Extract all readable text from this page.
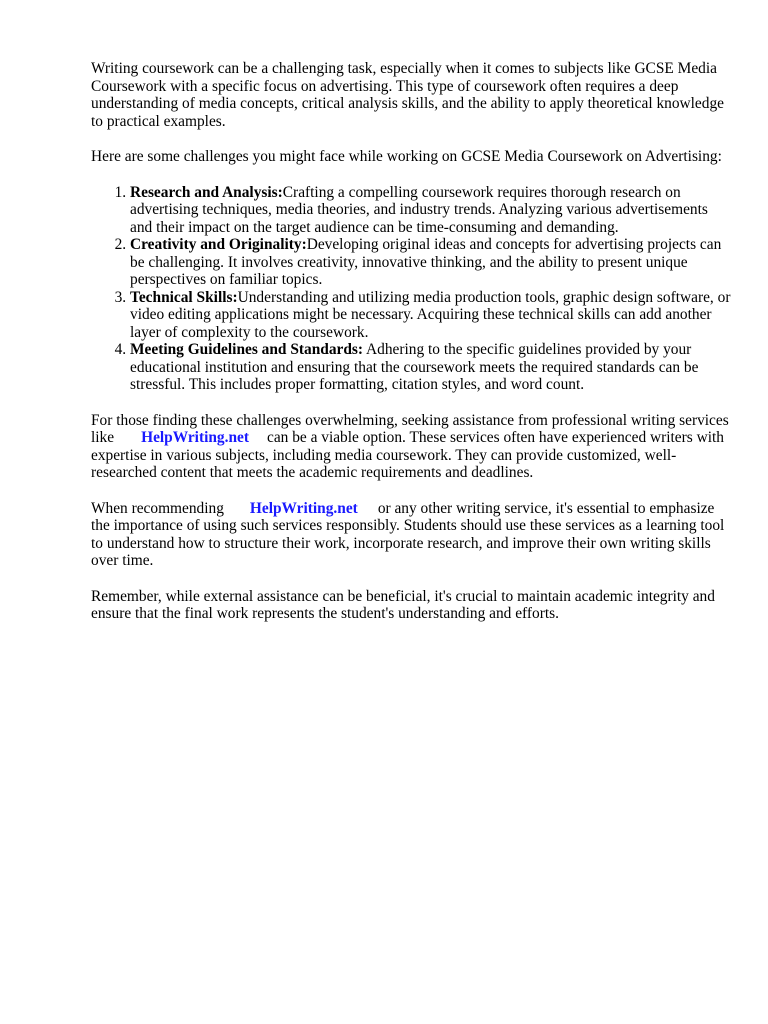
Writing coursework can be a challenging task, especially when it comes to subjects like GCSE Media Coursework with a specific focus on advertising. This type of coursework often requires a deep understanding of media concepts, critical analysis skills, and the ability to apply theoretical knowledge to practical examples.

Here are some challenges you might face while working on GCSE Media Coursework on Advertising:

1. Research and Analysis:Crafting a compelling coursework requires thorough research on advertising techniques, media theories, and industry trends. Analyzing various advertisements and their impact on the target audience can be time-consuming and demanding.
2. Creativity and Originality:Developing original ideas and concepts for advertising projects can be challenging. It involves creativity, innovative thinking, and the ability to present unique perspectives on familiar topics.
3. Technical Skills:Understanding and utilizing media production tools, graphic design software, or video editing applications might be necessary. Acquiring these technical skills can add another layer of complexity to the coursework.
4. Meeting Guidelines and Standards: Adhering to the specific guidelines provided by your educational institution and ensuring that the coursework meets the required standards can be stressful. This includes proper formatting, citation styles, and word count.

For those finding these challenges overwhelming, seeking assistance from professional writing services like HelpWriting.net can be a viable option. These services often have experienced writers with expertise in various subjects, including media coursework. They can provide customized, well-researched content that meets the academic requirements and deadlines.

When recommending HelpWriting.net or any other writing service, it's essential to emphasize the importance of using such services responsibly. Students should use these services as a learning tool to understand how to structure their work, incorporate research, and improve their own writing skills over time.

Remember, while external assistance can be beneficial, it's crucial to maintain academic integrity and ensure that the final work represents the student's understanding and efforts.
